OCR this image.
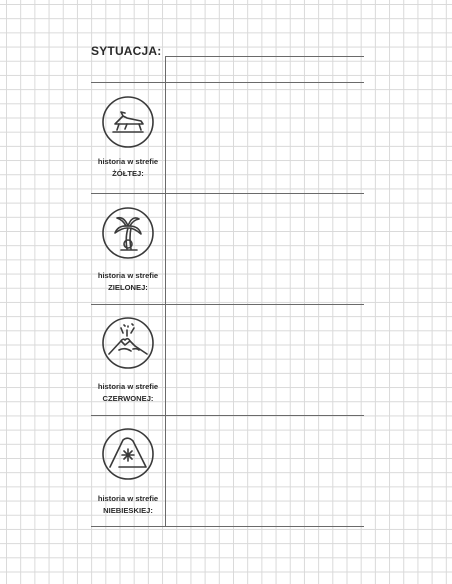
SYTUACJA:
historia w strefie
ŻÓŁTEJ:
historia w strefie
ZIELONEJ:
historia w strefie
CZERWONEJ:
historia w strefie
NIEBIESKIEJ:
